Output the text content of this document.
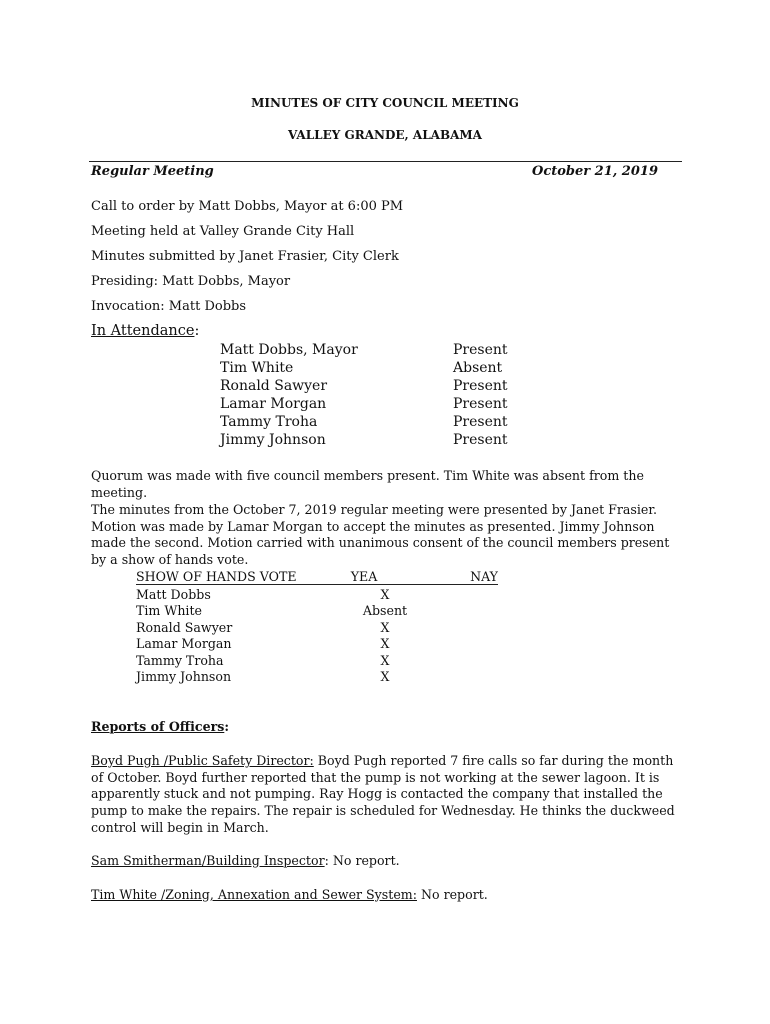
MINUTES OF CITY COUNCIL MEETING
VALLEY GRANDE, ALABAMA
Regular Meeting	October 21, 2019
Call to order by Matt Dobbs, Mayor at 6:00 PM
Meeting held at Valley Grande City Hall
Minutes submitted by Janet Frasier, City Clerk
Presiding: Matt Dobbs, Mayor
Invocation: Matt Dobbs
In Attendance:
Matt Dobbs, Mayor	Present
Tim White	Absent
Ronald Sawyer	Present
Lamar Morgan	Present
Tammy Troha	Present
Jimmy Johnson	Present
Quorum was made with five council members present. Tim White was absent from the meeting.
The minutes from the October 7, 2019 regular meeting were presented by Janet Frasier. Motion was made by Lamar Morgan to accept the minutes as presented. Jimmy Johnson made the second. Motion carried with unanimous consent of the council members present by a show of hands vote.
SHOW OF HANDS VOTE	YEA	NAY
Matt Dobbs	X
Tim White	Absent
Ronald Sawyer	X
Lamar Morgan	X
Tammy Troha	X
Jimmy Johnson	X
Reports of Officers:
Boyd Pugh /Public Safety Director: Boyd Pugh reported 7 fire calls so far during the month of October. Boyd further reported that the pump is not working at the sewer lagoon. It is apparently stuck and not pumping. Ray Hogg is contacted the company that installed the pump to make the repairs. The repair is scheduled for Wednesday. He thinks the duckweed control will begin in March.
Sam Smitherman/Building Inspector: No report.
Tim White /Zoning, Annexation and Sewer System: No report.
